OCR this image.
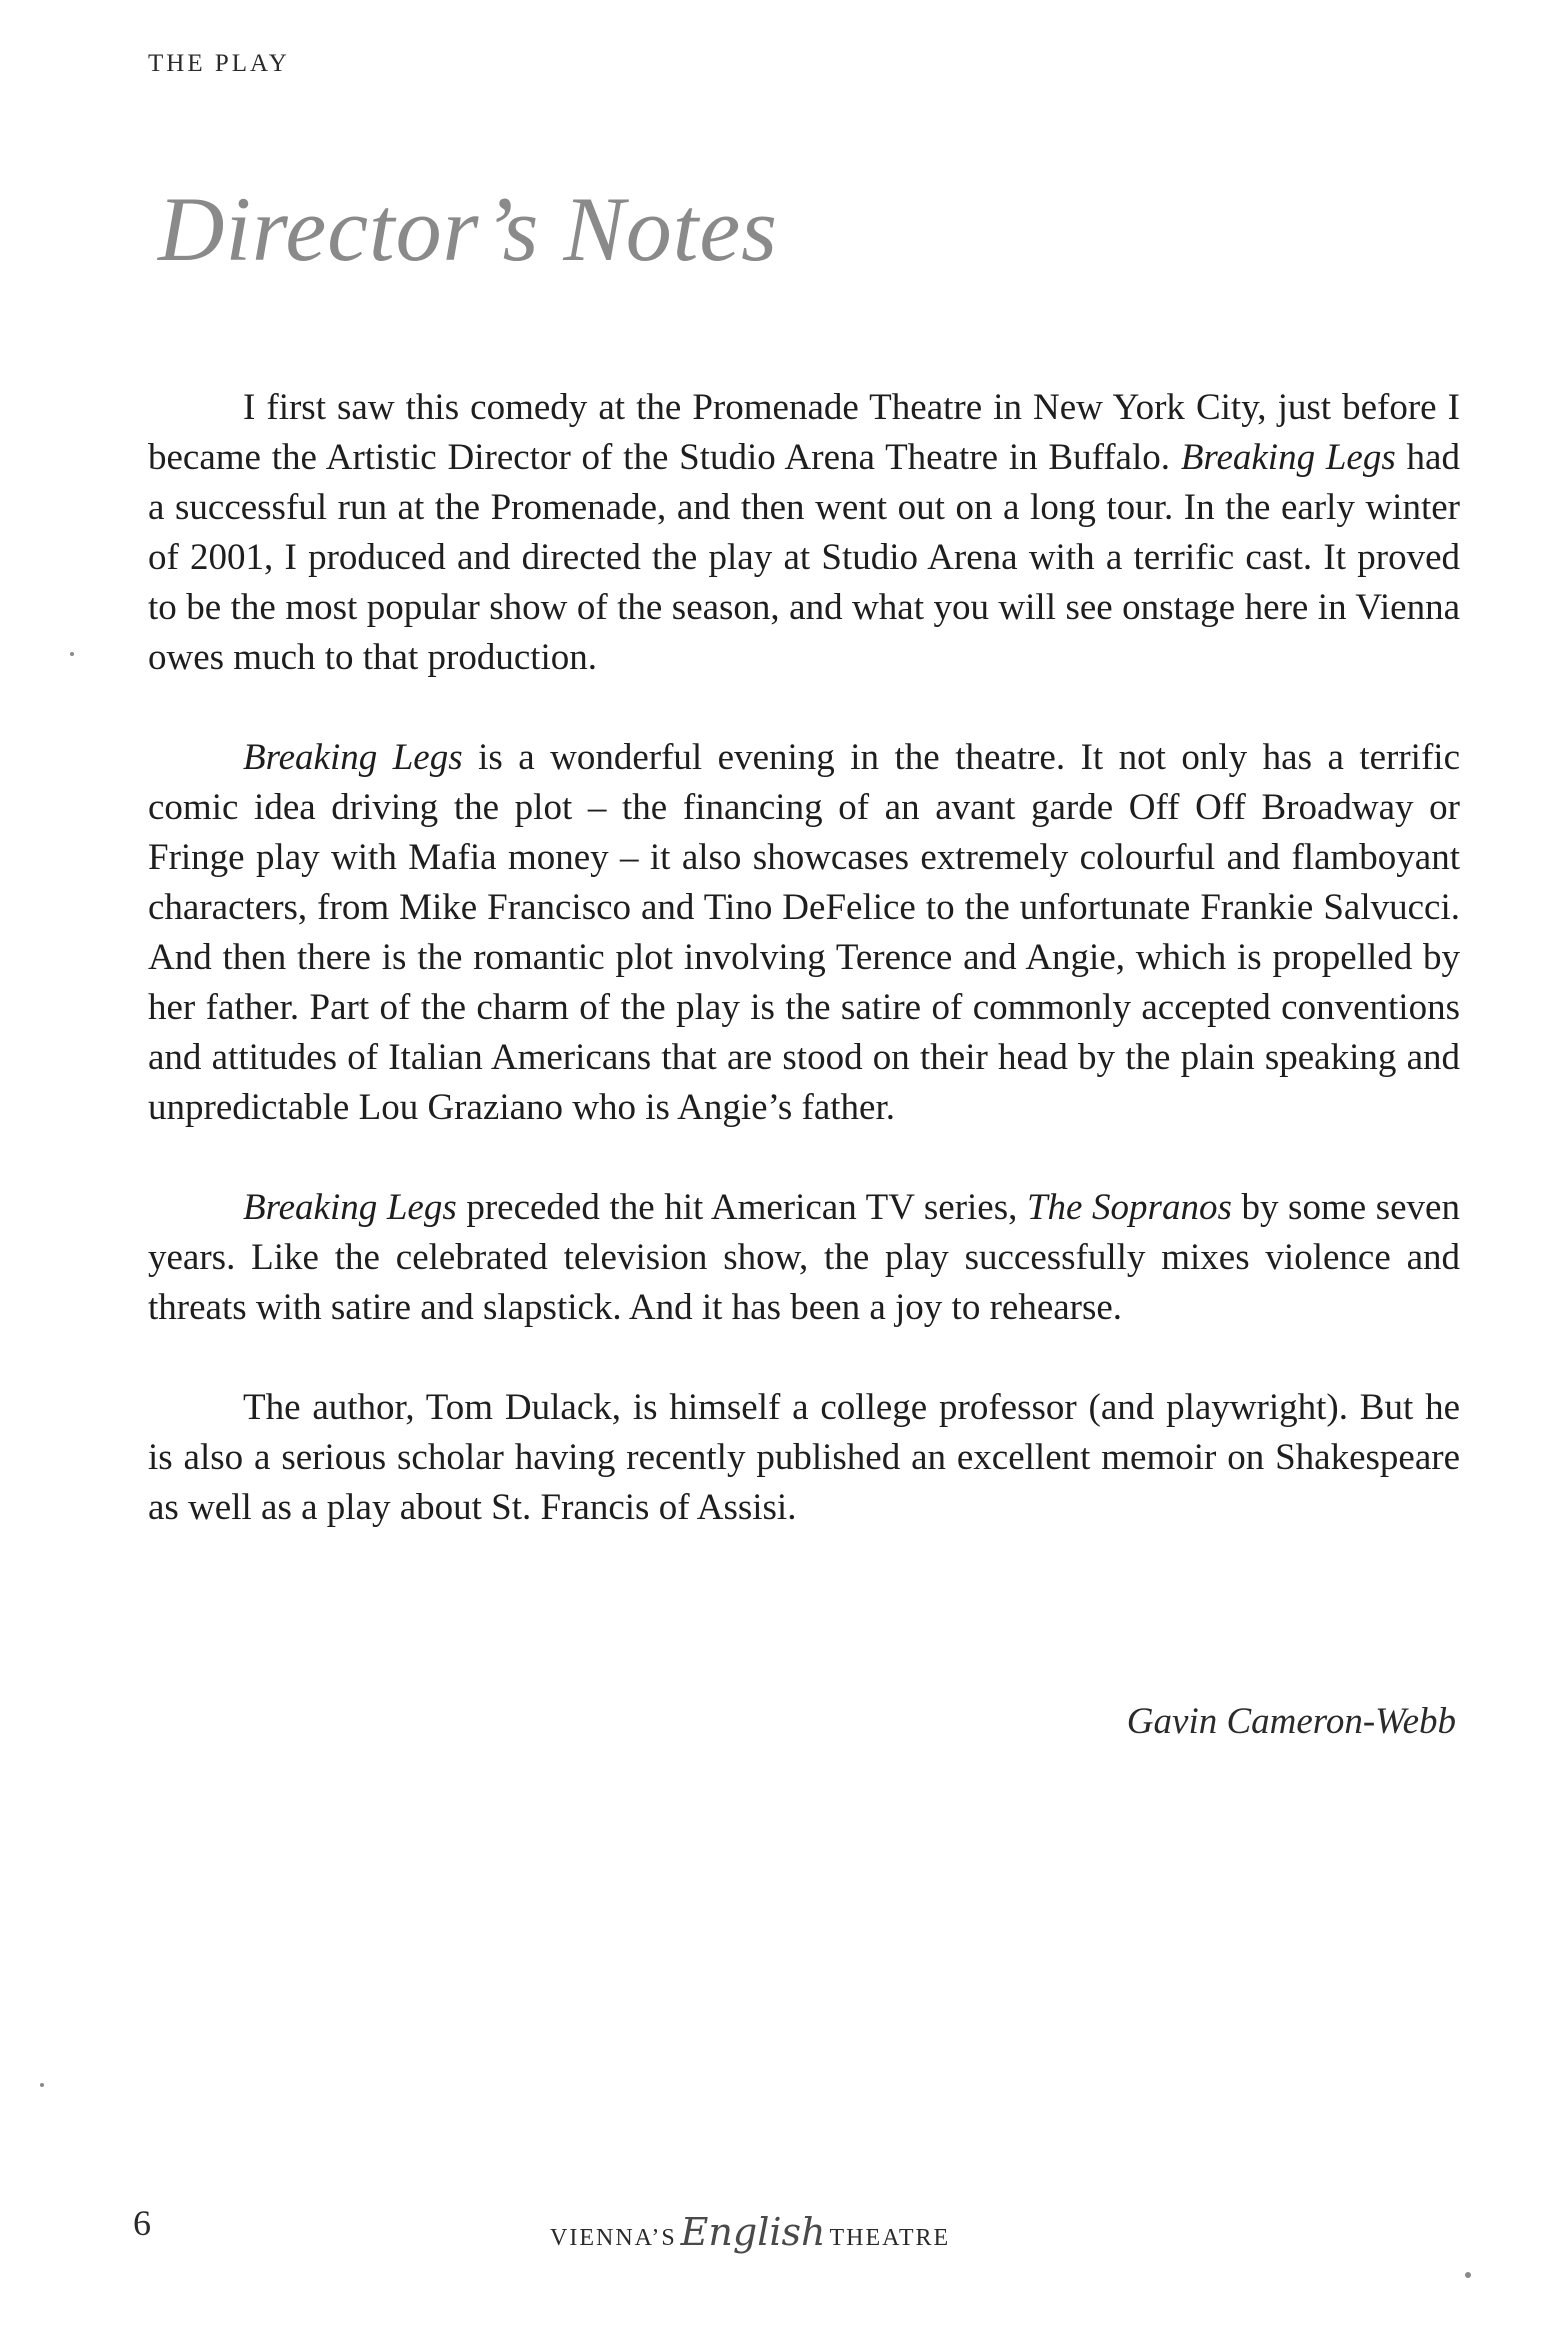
THE PLAY
Director’s Notes

I first saw this comedy at the Promenade Theatre in New York City, just before I became the Artistic Director of the Studio Arena Theatre in Buffalo. Breaking Legs had a successful run at the Promenade, and then went out on a long tour. In the early winter of 2001, I produced and directed the play at Studio Arena with a terrific cast. It proved to be the most popular show of the season, and what you will see onstage here in Vienna owes much to that production.

Breaking Legs is a wonderful evening in the theatre. It not only has a terrific comic idea driving the plot – the financing of an avant garde Off Off Broadway or Fringe play with Mafia money – it also showcases extremely colourful and flamboyant characters, from Mike Francisco and Tino DeFelice to the unfortunate Frankie Salvucci. And then there is the romantic plot involving Terence and Angie, which is propelled by her father. Part of the charm of the play is the satire of commonly accepted conventions and attitudes of Italian Americans that are stood on their head by the plain speaking and unpredictable Lou Graziano who is Angie’s father.

Breaking Legs preceded the hit American TV series, The Sopranos by some seven years. Like the celebrated television show, the play successfully mixes violence and threats with satire and slapstick. And it has been a joy to rehearse.

The author, Tom Dulack, is himself a college professor (and playwright). But he is also a serious scholar having recently published an excellent memoir on Shakespeare as well as a play about St. Francis of Assisi.

Gavin Cameron-Webb
6	VIENNA’S English THEATRE
